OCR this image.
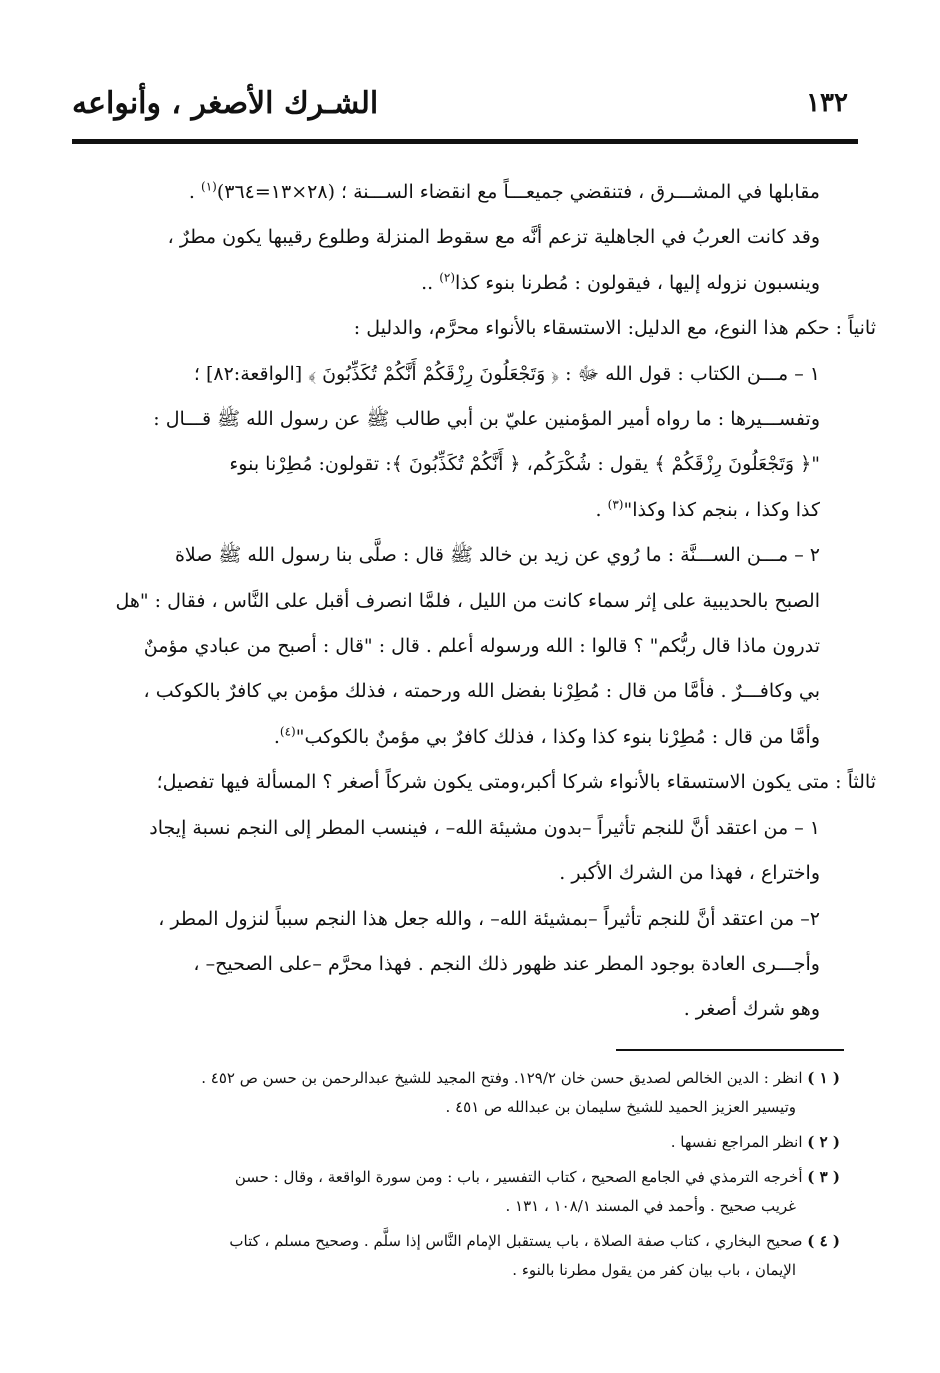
الشـرك الأصغر ، وأنواعه	١٣٢
مقابلها في المشـــرق ، فتنقضي جميعـــاً مع انقضاء الســـنة ؛ (٢٨×١٣=٣٦٤)$^{(١)}$ .
وقد كانت العربُ في الجاهلية تزعم أنَّه مع سقوط المنزلة وطلوع رقيبها يكون مطرٌ ،
وينسبون نزوله إليها ، فيقولون : مُطرنا بنوء كذا$^{(٢)}$ ..
ثانياً : حكم هذا النوع، مع الدليل: الاستسقاء بالأنواء محرَّم، والدليل :
١ – مـــن الكتاب : قول الله ﷻ : ﴿ وَتَجْعَلُونَ رِزْقَكُمْ أَنَّكُمْ تُكَذِّبُونَ ﴾ [الواقعة:٨٢] ؛
وتفســـيرها : ما رواه أمير المؤمنين عليّ بن أبي طالب ﷺ عن رسول الله ﷺ قـــال :
"﴿ وَتَجْعَلُونَ رِزْقَكُمْ ﴾ يقول : شُكْرَكُم، ﴿ أَنَّكُمْ تُكَذِّبُونَ ﴾: تقولون: مُطِرْنا بنوء
كذا وكذا ، بنجم كذا وكذا"$^{(٣)}$ .
٢ – مـــن الســـنَّة : ما رُوي عن زيد بن خالد ﷺ قال : صلَّى بنا رسول الله ﷺ صلاة
الصبح بالحديبية على إثر سماء كانت من الليل ، فلمَّا انصرف أقبل على النَّاس ، فقال : "هل
تدرون ماذا قال ربُّكم" ؟ قالوا : الله ورسوله أعلم . قال : "قال : أصبح من عبادي مؤمنٌ
بي وكافـــرٌ . فأمَّا من قال : مُطِرْنا بفضل الله ورحمته ، فذلك مؤمن بي كافرٌ بالكوكب ،
وأمَّا من قال : مُطِرْنا بنوء كذا وكذا ، فذلك كافرٌ بي مؤمنٌ بالكوكب"$^{(٤)}$.
ثالثاً : متى يكون الاستسقاء بالأنواء شركا أكبر،ومتى يكون شركاً أصغر ؟ المسألة فيها تفصيل؛
١ – من اعتقد أنَّ للنجم تأثيراً –بدون مشيئة الله– ، فينسب المطر إلى النجم نسبة إيجاد
واختراع ، فهذا من الشرك الأكبر .
٢– من اعتقد أنَّ للنجم تأثيراً –بمشيئة الله– ، والله جعل هذا النجم سبباً لنزول المطر ،
وأجـــرى العادة بوجود المطر عند ظهور ذلك النجم . فهذا محرَّم –على الصحيح– ،
وهو شرك أصغر .
( ١ ) انظر : الدين الخالص لصديق حسن خان ١٢٩/٢. وفتح المجيد للشيخ عبدالرحمن بن حسن ص ٤٥٢ .
وتيسير العزيز الحميد للشيخ سليمان بن عبدالله ص ٤٥١ .
( ٢ ) انظر المراجع نفسها .
( ٣ ) أخرجه الترمذي في الجامع الصحيح ، كتاب التفسير ، باب : ومن سورة الواقعة ، وقال : حسن
غريب صحيح . وأحمد في المسند ١٠٨/١ ، ١٣١ .
( ٤ ) صحيح البخاري ، كتاب صفة الصلاة ، باب يستقبل الإمام النَّاس إذا سلَّم . وصحيح مسلم ، كتاب
الإيمان ، باب بيان كفر من يقول مطرنا بالنوء .
